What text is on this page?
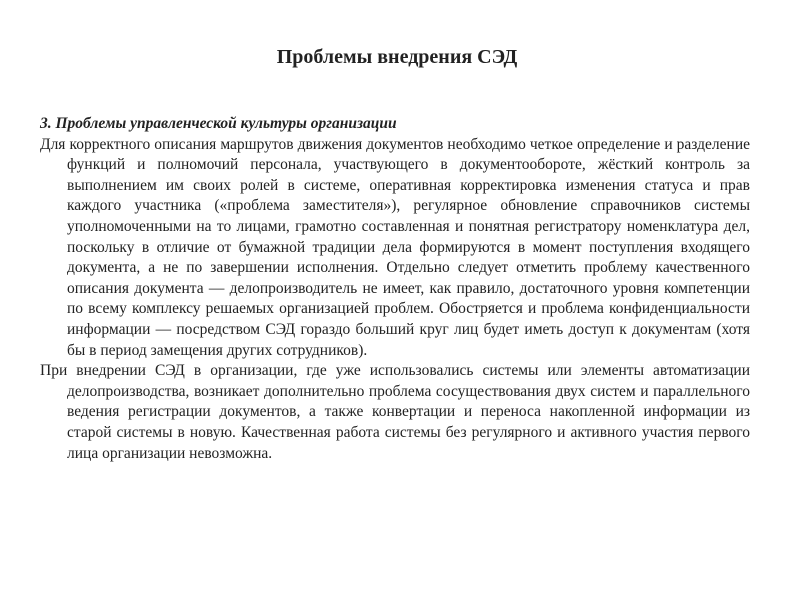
Проблемы внедрения СЭД

3. Проблемы управленческой культуры организации

Для корректного описания маршрутов движения документов необходимо четкое определение и разделение функций и полномочий персонала, участвующего в документообороте, жёсткий контроль за выполнением им своих ролей в системе, оперативная корректировка изменения статуса и прав каждого участника («проблема заместителя»), регулярное обновление справочников системы уполномоченными на то лицами, грамотно составленная и понятная регистратору номенклатура дел, поскольку в отличие от бумажной традиции дела формируются в момент поступления входящего документа, а не по завершении исполнения. Отдельно следует отметить проблему качественного описания документа — делопроизводитель не имеет, как правило, достаточного уровня компетенции по всему комплексу решаемых организацией проблем. Обостряется и проблема конфиденциальности информации — посредством СЭД гораздо больший круг лиц будет иметь доступ к документам (хотя бы в период замещения других сотрудников).

При внедрении СЭД в организации, где уже использовались системы или элементы автоматизации делопроизводства, возникает дополнительно проблема сосуществования двух систем и параллельного ведения регистрации документов, а также конвертации и переноса накопленной информации из старой системы в новую. Качественная работа системы без регулярного и активного участия первого лица организации невозможна.
